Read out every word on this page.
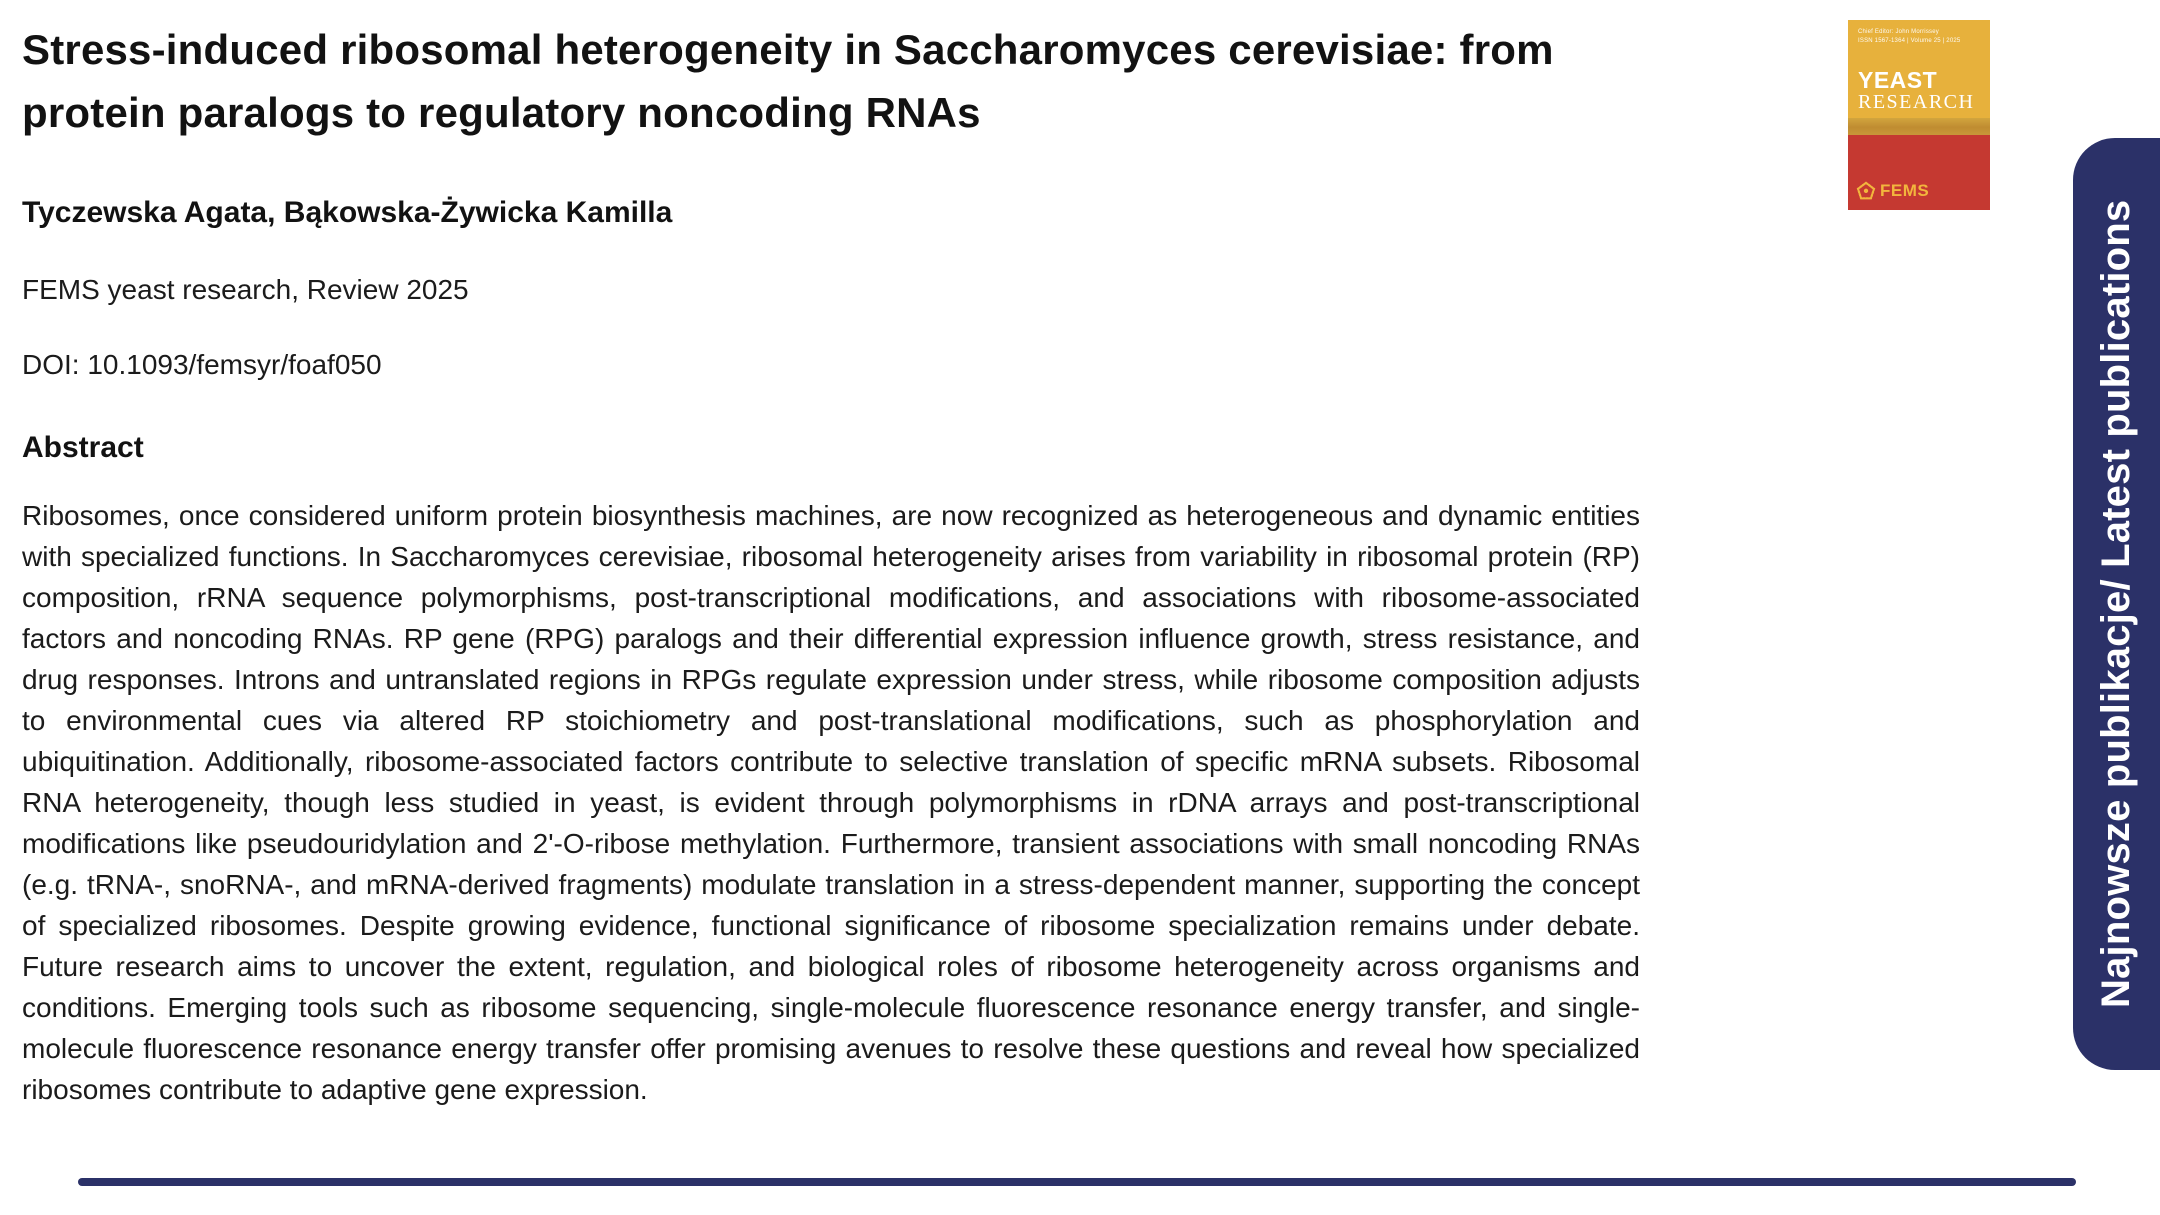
Stress-induced ribosomal heterogeneity in Saccharomyces cerevisiae: from protein paralogs to regulatory noncoding RNAs
Tyczewska Agata, Bąkowska-Żywicka Kamilla
FEMS yeast research, Review 2025
DOI: 10.1093/femsyr/foaf050
Abstract

Ribosomes, once considered uniform protein biosynthesis machines, are now recognized as heterogeneous and dynamic entities with specialized functions. In Saccharomyces cerevisiae, ribosomal heterogeneity arises from variability in ribosomal protein (RP) composition, rRNA sequence polymorphisms, post-transcriptional modifications, and associations with ribosome-associated factors and noncoding RNAs. RP gene (RPG) paralogs and their differential expression influence growth, stress resistance, and drug responses. Introns and untranslated regions in RPGs regulate expression under stress, while ribosome composition adjusts to environmental cues via altered RP stoichiometry and post-translational modifications, such as phosphorylation and ubiquitination. Additionally, ribosome-associated factors contribute to selective translation of specific mRNA subsets. Ribosomal RNA heterogeneity, though less studied in yeast, is evident through polymorphisms in rDNA arrays and post-transcriptional modifications like pseudouridylation and 2'-O-ribose methylation. Furthermore, transient associations with small noncoding RNAs (e.g. tRNA-, snoRNA-, and mRNA-derived fragments) modulate translation in a stress-dependent manner, supporting the concept of specialized ribosomes. Despite growing evidence, functional significance of ribosome specialization remains under debate. Future research aims to uncover the extent, regulation, and biological roles of ribosome heterogeneity across organisms and conditions. Emerging tools such as ribosome sequencing, single-molecule fluorescence resonance energy transfer, and single-molecule fluorescence resonance energy transfer offer promising avenues to resolve these questions and reveal how specialized ribosomes contribute to adaptive gene expression.

Chief Editor: John Morrissey
ISSN 1567-1364 | Volume 25 | 2025
YEAST
RESEARCH
FEMS
Najnowsze publikacje/ Latest publications
